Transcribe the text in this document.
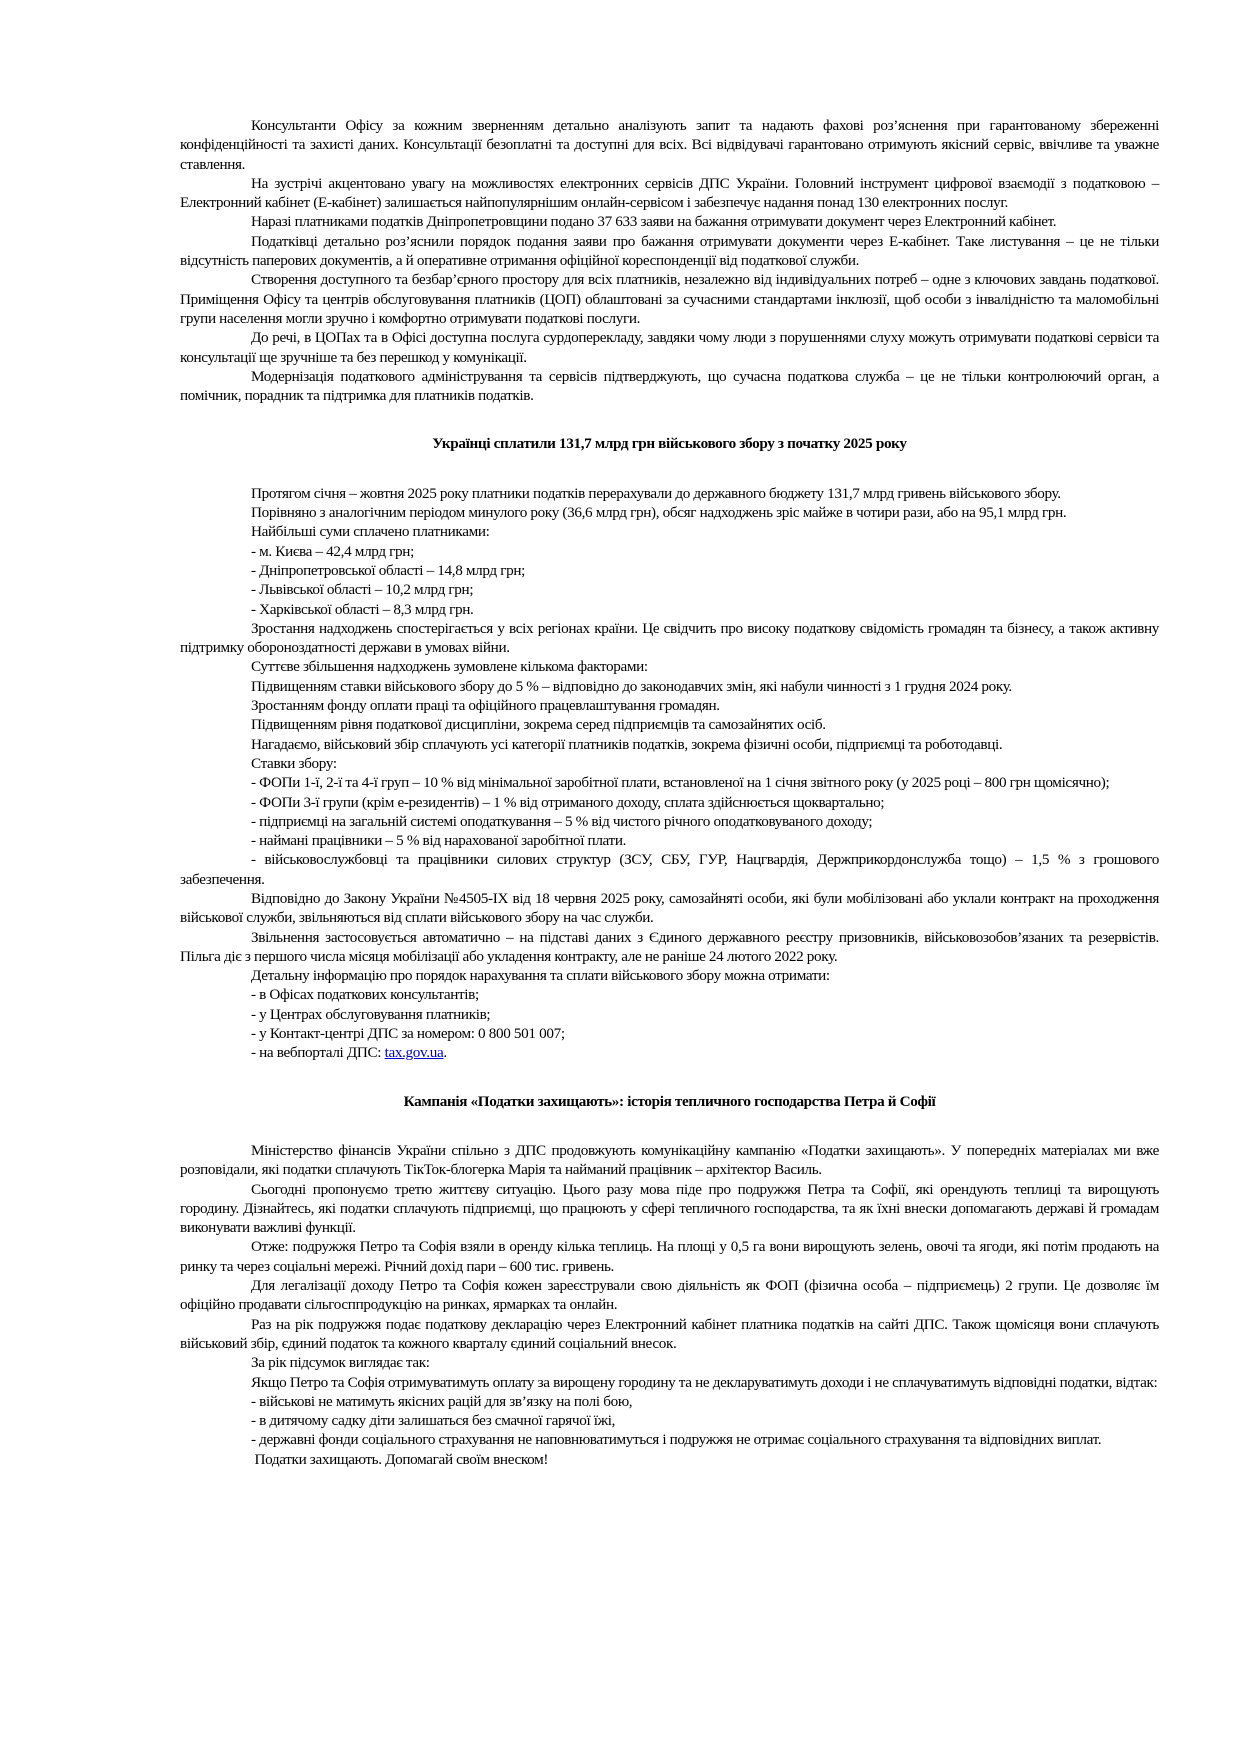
Консультанти Офісу за кожним зверненням детально аналізують запит та надають фахові роз’яснення при гарантованому збереженні конфіденційності та захисті даних. Консультації безоплатні та доступні для всіх. Всі відвідувачі гарантовано отримують якісний сервіс, ввічливе та уважне ставлення.

На зустрічі акцентовано увагу на можливостях електронних сервісів ДПС України. Головний інструмент цифрової взаємодії з податковою – Електронний кабінет (Е-кабінет) залишається найпопулярнішим онлайн-сервісом і забезпечує надання понад 130 електронних послуг.

Наразі платниками податків Дніпропетровщини подано 37 633 заяви на бажання отримувати документ через Електронний кабінет.

Податківці детально роз’яснили порядок подання заяви про бажання отримувати документи через Е-кабінет. Таке листування – це не тільки відсутність паперових документів, а й оперативне отримання офіційної кореспонденції від податкової служби.

Створення доступного та безбар’єрного простору для всіх платників, незалежно від індивідуальних потреб – одне з ключових завдань податкової. Приміщення Офісу та центрів обслуговування платників (ЦОП) облаштовані за сучасними стандартами інклюзії, щоб особи з інвалідністю та маломобільні групи населення могли зручно і комфортно отримувати податкові послуги.

До речі, в ЦОПах та в Офісі доступна послуга сурдоперекладу, завдяки чому люди з порушеннями слуху можуть отримувати податкові сервіси та консультації ще зручніше та без перешкод у комунікації.

Модернізація податкового адміністрування та сервісів підтверджують, що сучасна податкова служба – це не тільки контролюючий орган, а помічник, порадник та підтримка для платників податків.

Українці сплатили 131,7 млрд грн військового збору з початку 2025 року

Протягом січня – жовтня 2025 року платники податків перерахували до державного бюджету 131,7 млрд гривень військового збору.

Порівняно з аналогічним періодом минулого року (36,6 млрд грн), обсяг надходжень зріс майже в чотири рази, або на 95,1 млрд грн.

Найбільші суми сплачено платниками:

- м. Києва – 42,4 млрд грн;

- Дніпропетровської області – 14,8 млрд грн;

- Львівської області – 10,2 млрд грн;

- Харківської області – 8,3 млрд грн.

Зростання надходжень спостерігається у всіх регіонах країни. Це свідчить про високу податкову свідомість громадян та бізнесу, а також активну підтримку обороноздатності держави в умовах війни.

Суттєве збільшення надходжень зумовлене кількома факторами:

Підвищенням ставки військового збору до 5 % – відповідно до законодавчих змін, які набули чинності з 1 грудня 2024 року.

Зростанням фонду оплати праці та офіційного працевлаштування громадян.

Підвищенням рівня податкової дисципліни, зокрема серед підприємців та самозайнятих осіб.

Нагадаємо, військовий збір сплачують усі категорії платників податків, зокрема фізичні особи, підприємці та роботодавці.

Ставки збору:

- ФОПи 1-ї, 2-ї та 4-ї груп – 10 % від мінімальної заробітної плати, встановленої на 1 січня звітного року (у 2025 році – 800 грн щомісячно);

- ФОПи 3-ї групи (крім е-резидентів) – 1 % від отриманого доходу, сплата здійснюється щоквартально;

- підприємці на загальній системі оподаткування – 5 % від чистого річного оподатковуваного доходу;

- наймані працівники – 5 % від нарахованої заробітної плати.

- військовослужбовці та працівники силових структур (ЗСУ, СБУ, ГУР, Нацгвардія, Держприкордонслужба тощо) – 1,5 % з грошового забезпечення.

Відповідно до Закону України №4505-IX від 18 червня 2025 року, самозайняті особи, які були мобілізовані або уклали контракт на проходження військової служби, звільняються від сплати військового збору на час служби.

Звільнення застосовується автоматично – на підставі даних з Єдиного державного реєстру призовників, військовозобов’язаних та резервістів. Пільга діє з першого числа місяця мобілізації або укладення контракту, але не раніше 24 лютого 2022 року.

Детальну інформацію про порядок нарахування та сплати військового збору можна отримати:

- в Офісах податкових консультантів;

- у Центрах обслуговування платників;

- у Контакт-центрі ДПС за номером: 0 800 501 007;

- на вебпорталі ДПС: tax.gov.ua.

Кампанія «Податки захищають»: історія тепличного господарства Петра й Софії

Міністерство фінансів України спільно з ДПС продовжують комунікаційну кампанію «Податки захищають». У попередніх матеріалах ми вже розповідали, які податки сплачують ТікТок-блогерка Марія та найманий працівник – архітектор Василь.

Сьогодні пропонуємо третю життєву ситуацію. Цього разу мова піде про подружжя Петра та Софії, які орендують теплиці та вирощують городину. Дізнайтесь, які податки сплачують підприємці, що працюють у сфері тепличного господарства, та як їхні внески допомагають державі й громадам виконувати важливі функції.

Отже: подружжя Петро та Софія взяли в оренду кілька теплиць. На площі у 0,5 га вони вирощують зелень, овочі та ягоди, які потім продають на ринку та через соціальні мережі. Річний дохід пари – 600 тис. гривень.

Для легалізації доходу Петро та Софія кожен зареєстрували свою діяльність як ФОП (фізична особа – підприємець) 2 групи. Це дозволяє їм офіційно продавати сільгосппродукцію на ринках, ярмарках та онлайн.

Раз на рік подружжя подає податкову декларацію через Електронний кабінет платника податків на сайті ДПС. Також щомісяця вони сплачують військовий збір, єдиний податок та кожного кварталу єдиний соціальний внесок.

За рік підсумок виглядає так:

Якщо Петро та Софія отримуватимуть оплату за вирощену городину та не декларуватимуть доходи і не сплачуватимуть відповідні податки, відтак:

- військові не матимуть якісних рацій для зв’язку на полі бою,

- в дитячому садку діти залишаться без смачної гарячої їжі,

- державні фонди соціального страхування не наповнюватимуться і подружжя не отримає соціального страхування та відповідних виплат.

Податки захищають. Допомагай своїм внеском!
